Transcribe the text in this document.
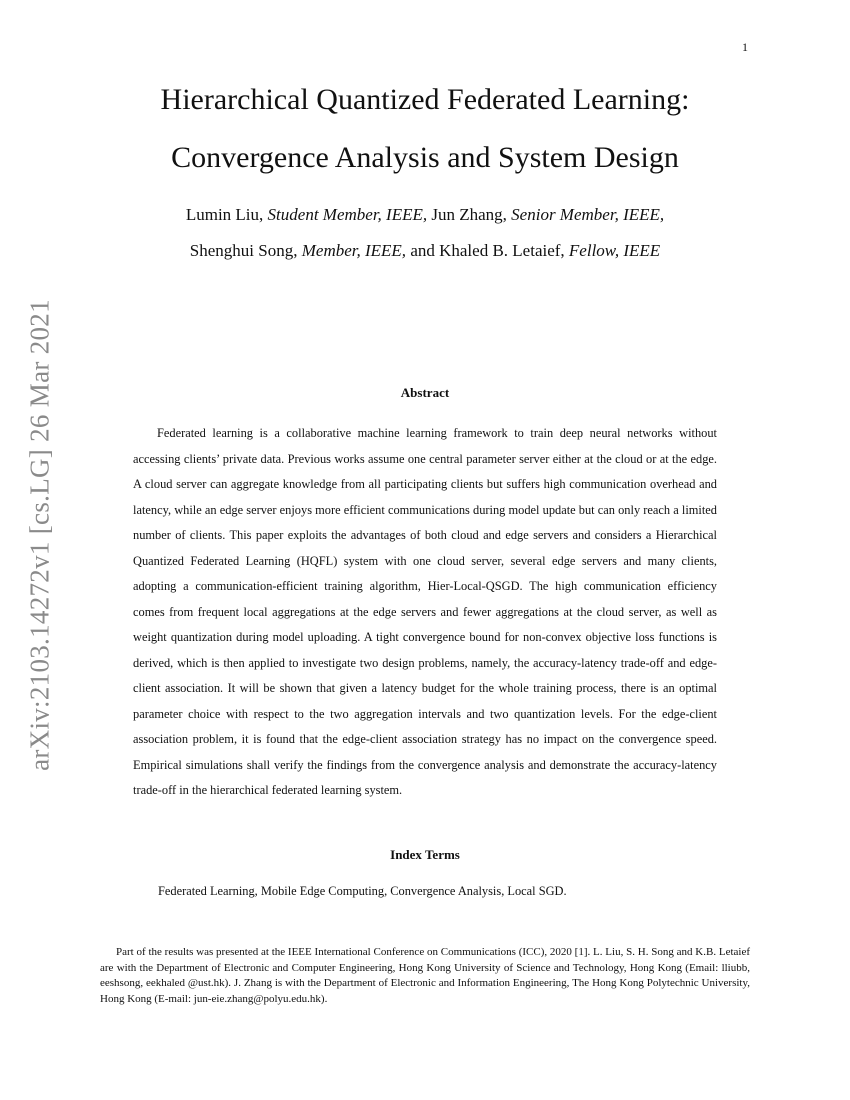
1
arXiv:2103.14272v1 [cs.LG] 26 Mar 2021
Hierarchical Quantized Federated Learning:
Convergence Analysis and System Design
Lumin Liu, Student Member, IEEE, Jun Zhang, Senior Member, IEEE,
Shenghui Song, Member, IEEE, and Khaled B. Letaief, Fellow, IEEE
Abstract

Federated learning is a collaborative machine learning framework to train deep neural networks without accessing clients’ private data. Previous works assume one central parameter server either at the cloud or at the edge. A cloud server can aggregate knowledge from all participating clients but suffers high communication overhead and latency, while an edge server enjoys more efficient communications during model update but can only reach a limited number of clients. This paper exploits the advantages of both cloud and edge servers and considers a Hierarchical Quantized Federated Learning (HQFL) system with one cloud server, several edge servers and many clients, adopting a communication-efficient training algorithm, Hier-Local-QSGD. The high communication efficiency comes from frequent local aggregations at the edge servers and fewer aggregations at the cloud server, as well as weight quantization during model uploading. A tight convergence bound for non-convex objective loss functions is derived, which is then applied to investigate two design problems, namely, the accuracy-latency trade-off and edge-client association. It will be shown that given a latency budget for the whole training process, there is an optimal parameter choice with respect to the two aggregation intervals and two quantization levels. For the edge-client association problem, it is found that the edge-client association strategy has no impact on the convergence speed. Empirical simulations shall verify the findings from the convergence analysis and demonstrate the accuracy-latency trade-off in the hierarchical federated learning system.

Index Terms
Federated Learning, Mobile Edge Computing, Convergence Analysis, Local SGD.

Part of the results was presented at the IEEE International Conference on Communications (ICC), 2020 [1]. L. Liu, S. H. Song and K.B. Letaief are with the Department of Electronic and Computer Engineering, Hong Kong University of Science and Technology, Hong Kong (Email: lliubb, eeshsong, eekhaled @ust.hk). J. Zhang is with the Department of Electronic and Information Engineering, The Hong Kong Polytechnic University, Hong Kong (E-mail: jun-eie.zhang@polyu.edu.hk).
